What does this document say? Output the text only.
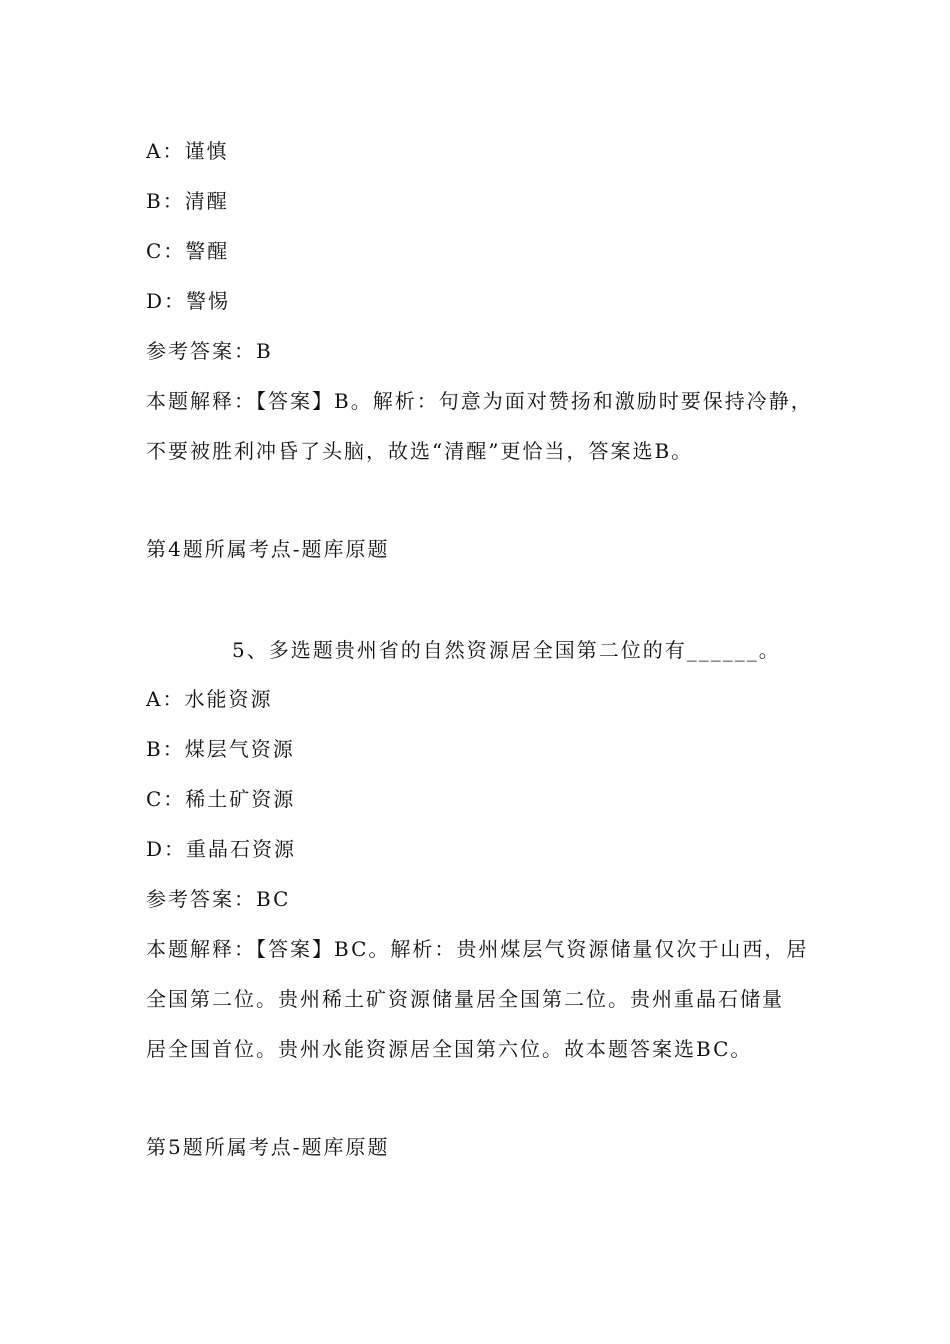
A：谨慎
B：清醒
C：警醒
D：警惕
参考答案：B
本题解释：【答案】B。解析：句意为面对赞扬和激励时要保持冷静，
不要被胜利冲昏了头脑，故选“清醒”更恰当，答案选B。
第4题所属考点-题库原题
5、多选题贵州省的自然资源居全国第二位的有______。
A：水能资源
B：煤层气资源
C：稀土矿资源
D：重晶石资源
参考答案：BC
本题解释：【答案】BC。解析：贵州煤层气资源储量仅次于山西，居
全国第二位。贵州稀土矿资源储量居全国第二位。贵州重晶石储量
居全国首位。贵州水能资源居全国第六位。故本题答案选BC。
第5题所属考点-题库原题
